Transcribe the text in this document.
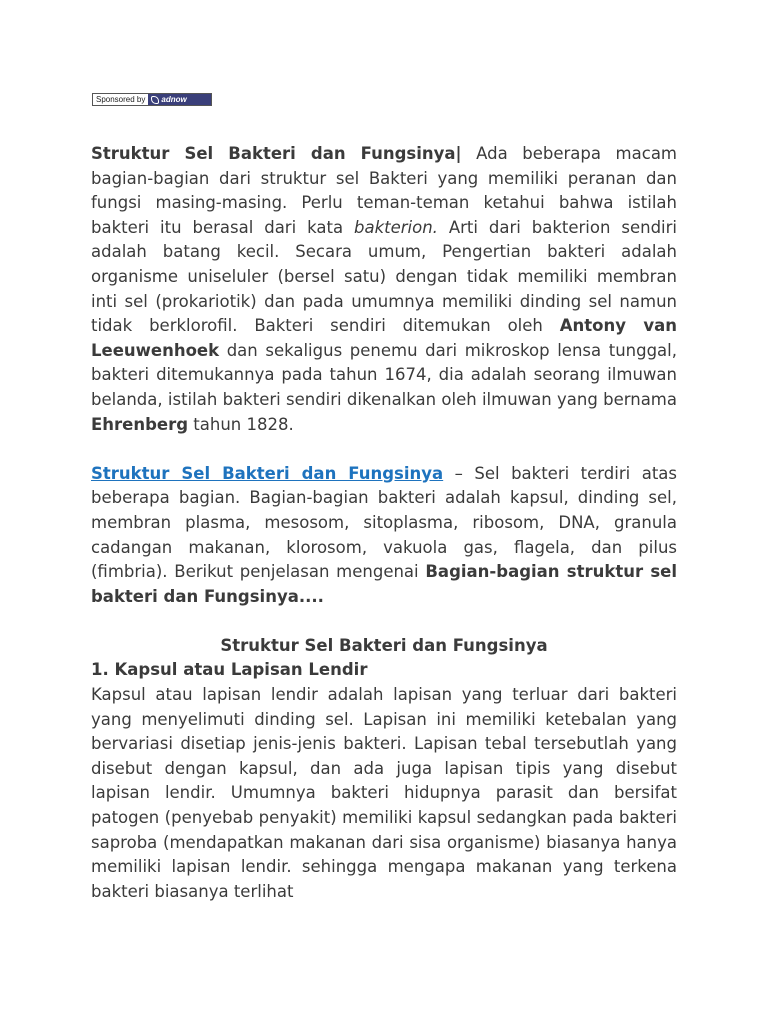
Sponsored by	adnow

Struktur Sel Bakteri dan Fungsinya| Ada beberapa macam bagian-bagian dari struktur sel Bakteri yang memiliki peranan dan fungsi masing-masing. Perlu teman-teman ketahui bahwa istilah bakteri itu berasal dari kata bakterion. Arti dari bakterion sendiri adalah batang kecil. Secara umum, Pengertian bakteri adalah organisme uniseluler (bersel satu) dengan tidak memiliki membran inti sel (prokariotik) dan pada umumnya memiliki dinding sel namun tidak berklorofil. Bakteri sendiri ditemukan oleh Antony van Leeuwenhoek dan sekaligus penemu dari mikroskop lensa tunggal, bakteri ditemukannya pada tahun 1674, dia adalah seorang ilmuwan belanda, istilah bakteri sendiri dikenalkan oleh ilmuwan yang bernama Ehrenberg tahun 1828.

Struktur Sel Bakteri dan Fungsinya – Sel bakteri terdiri atas beberapa bagian. Bagian-bagian bakteri adalah kapsul, dinding sel, membran plasma, mesosom, sitoplasma, ribosom, DNA, granula cadangan makanan, klorosom, vakuola gas, flagela, dan pilus (fimbria). Berikut penjelasan mengenai Bagian-bagian struktur sel bakteri dan Fungsinya....

Struktur Sel Bakteri dan Fungsinya
1. Kapsul atau Lapisan Lendir

Kapsul atau lapisan lendir adalah lapisan yang terluar dari bakteri yang menyelimuti dinding sel. Lapisan ini memiliki ketebalan yang bervariasi disetiap jenis-jenis bakteri. Lapisan tebal tersebutlah yang disebut dengan kapsul, dan ada juga lapisan tipis yang disebut lapisan lendir. Umumnya bakteri hidupnya parasit dan bersifat patogen (penyebab penyakit) memiliki kapsul sedangkan pada bakteri saproba (mendapatkan makanan dari sisa organisme) biasanya hanya memiliki lapisan lendir. sehingga mengapa makanan yang terkena bakteri biasanya terlihat
